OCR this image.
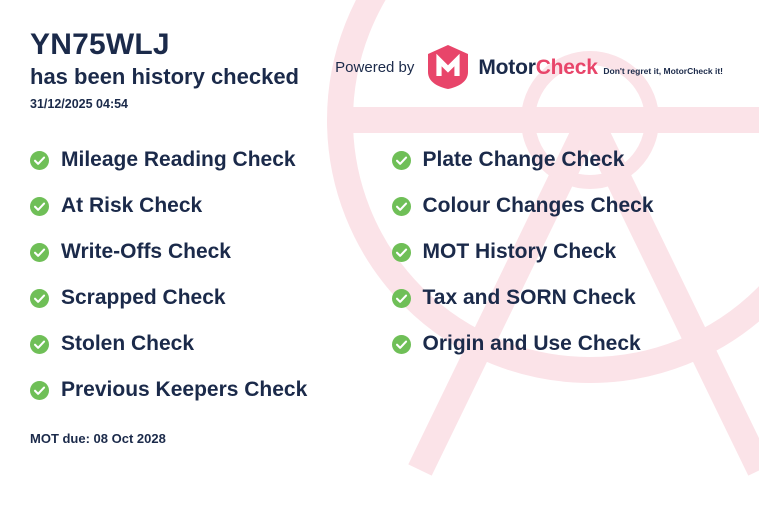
YN75WLJ
has been history checked
31/12/2025 04:54
Powered by	MotorCheck Don't regret it, MotorCheck it!
Mileage Reading Check
At Risk Check
Write-Offs Check
Scrapped Check
Stolen Check
Previous Keepers Check
Plate Change Check
Colour Changes Check
MOT History Check
Tax and SORN Check
Origin and Use Check
MOT due: 08 Oct 2028
